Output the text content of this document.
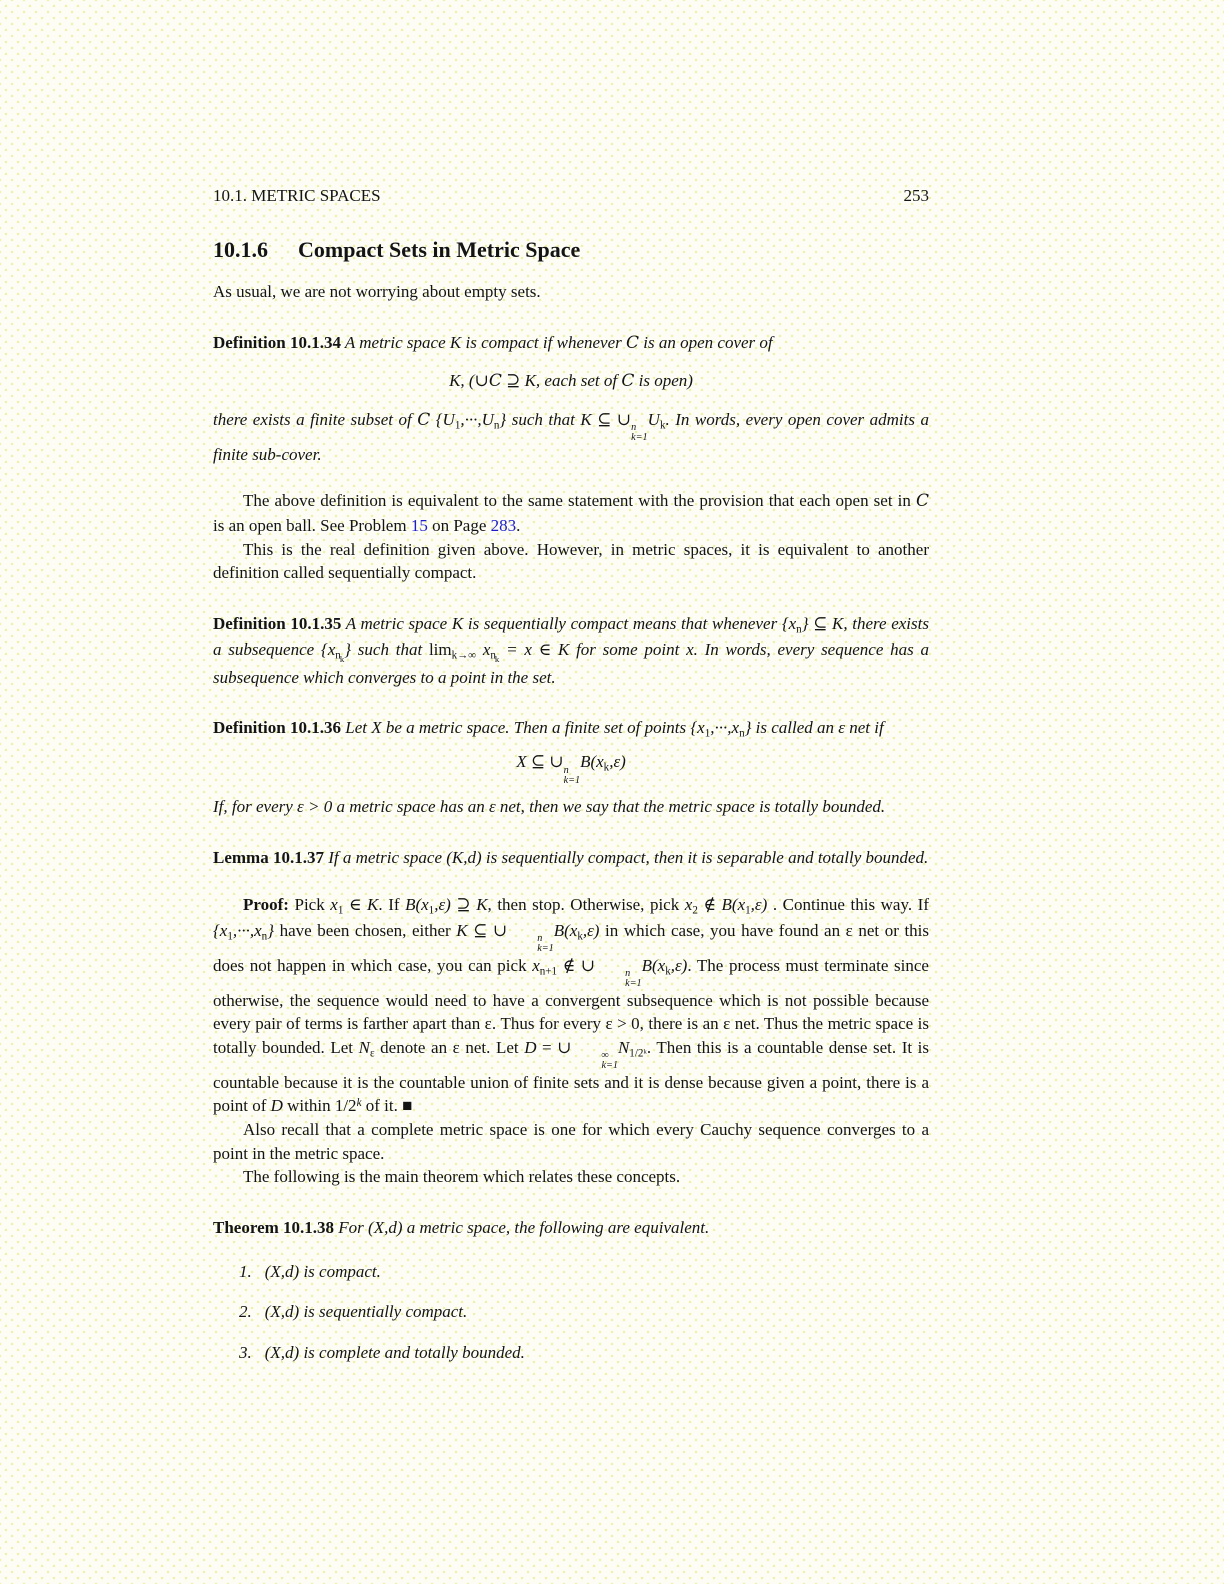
10.1. METRIC SPACES	253
10.1.6 Compact Sets in Metric Space

As usual, we are not worrying about empty sets.

Definition 10.1.34 A metric space K is compact if whenever C is an open cover of

K, (∪C ⊇ K, each set of C is open)

there exists a finite subset of C $\{U_1,\cdot\cdot\cdot,U_n\}$ such that K ⊆ ∪ n
k=1
$U_k$. In words, every open cover admits a finite sub-cover.

The above definition is equivalent to the same statement with the provision that each open set in C is an open ball. See Problem 15 on Page 283.

This is the real definition given above. However, in metric spaces, it is equivalent to another definition called sequentially compact.

Definition 10.1.35 A metric space K is sequentially compact means that whenever $\{x_n\}$ ⊆ K, there exists a subsequence $\{x_{nk}\}$ such that $\lim_{k\to\infty} x_{nk} = x$ ∈ K for some point x. In words, every sequence has a subsequence which converges to a point in the set.

Definition 10.1.36 Let X be a metric space. Then a finite set of points $\{x_1,\cdot\cdot\cdot,x_n\}$ is called an ε net if

X ⊆ ∪ n
k=1
$B(x_k,\varepsilon)$

If, for every ε > 0 a metric space has an ε net, then we say that the metric space is totally bounded.

Lemma 10.1.37 If a metric space (K,d) is sequentially compact, then it is separable and totally bounded.

Proof: Pick $x_1$ ∈ K. If $B(x_1,\varepsilon)$ ⊇ K, then stop. Otherwise, pick $x_2$ ∉ $B(x_1,\varepsilon)$ . Continue this way. If $\{x_1,\cdot\cdot\cdot,x_n\}$ have been chosen, either K ⊆ ∪	n
k=1
$B(x_k,\varepsilon)$ in which case, you have found an ε net or this does not happen in which case, you can pick $x_{n+1}$ ∉ ∪	n
k=1
$B(x_k,\varepsilon)$. The process must terminate since otherwise, the sequence would need to have a convergent subsequence which is not possible because every pair of terms is farther apart than ε. Thus for every ε > 0, there is an ε net. Thus the metric space is totally bounded. Let $N_\varepsilon$ denote an ε net. Let D = ∪	∞
k=1
$N_{1/2ᵏ}$. Then this is a countable dense set. It is countable because it is the countable union of finite sets and it is dense because given a point, there is a point of D within 1/2$^k$ of it. ■

Also recall that a complete metric space is one for which every Cauchy sequence converges to a point in the metric space.

The following is the main theorem which relates these concepts.

Theorem 10.1.38 For (X,d) a metric space, the following are equivalent.

1. (X,d) is compact.
2. (X,d) is sequentially compact.
3. (X,d) is complete and totally bounded.
